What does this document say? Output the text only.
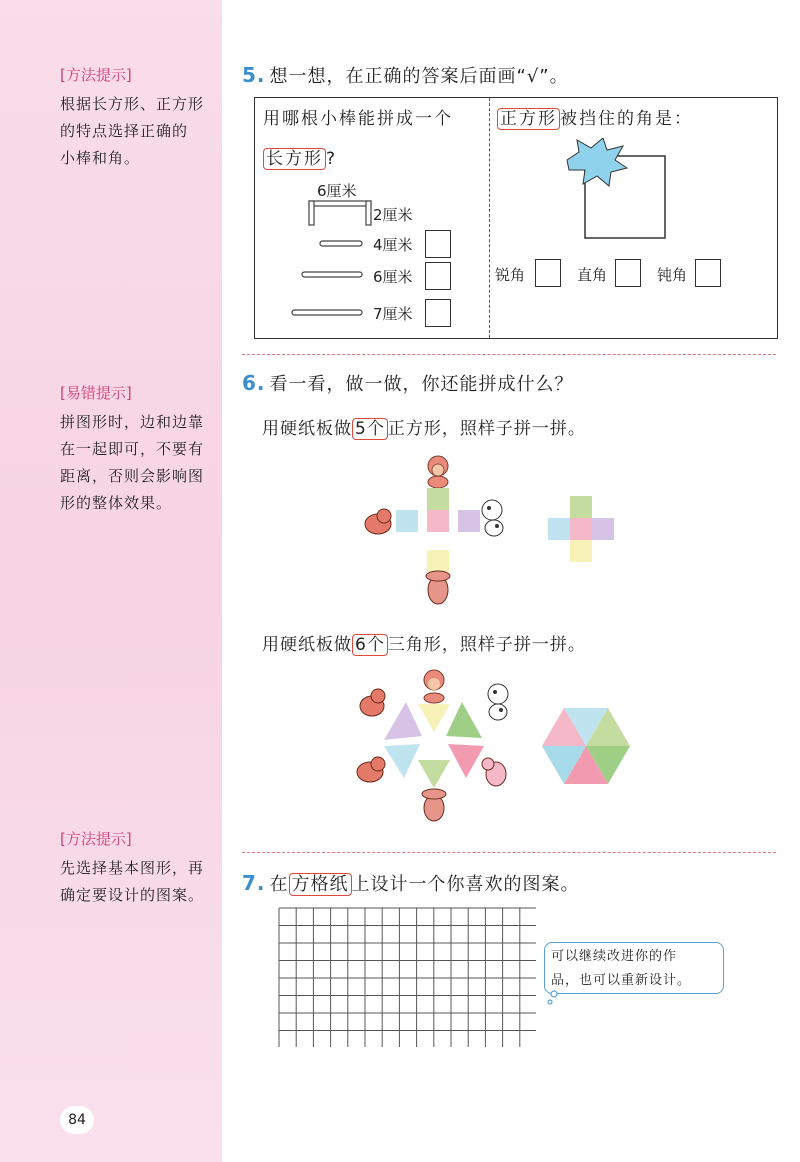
[方法提示]
根据长方形、正方形
的特点选择正确的
小棒和角。
[易错提示]
拼图形时，边和边靠
在一起即可，不要有
距离，否则会影响图
形的整体效果。
[方法提示]
先选择基本图形，再
确定要设计的图案。
84
5. 想一想，在正确的答案后面画“√”。
用哪根小棒能拼成一个
长方形 ?
6厘米
2厘米
4厘米
6厘米
7厘米
正方形 被挡住的角是：
锐角	直角	钝角
6. 看一看，做一做，你还能拼成什么？
用硬纸板做 5个 正方形，照样子拼一拼。
用硬纸板做 6个 三角形，照样子拼一拼。
7. 在 方格纸 上设计一个你喜欢的图案。
可以继续改进你的作
品，也可以重新设计。
